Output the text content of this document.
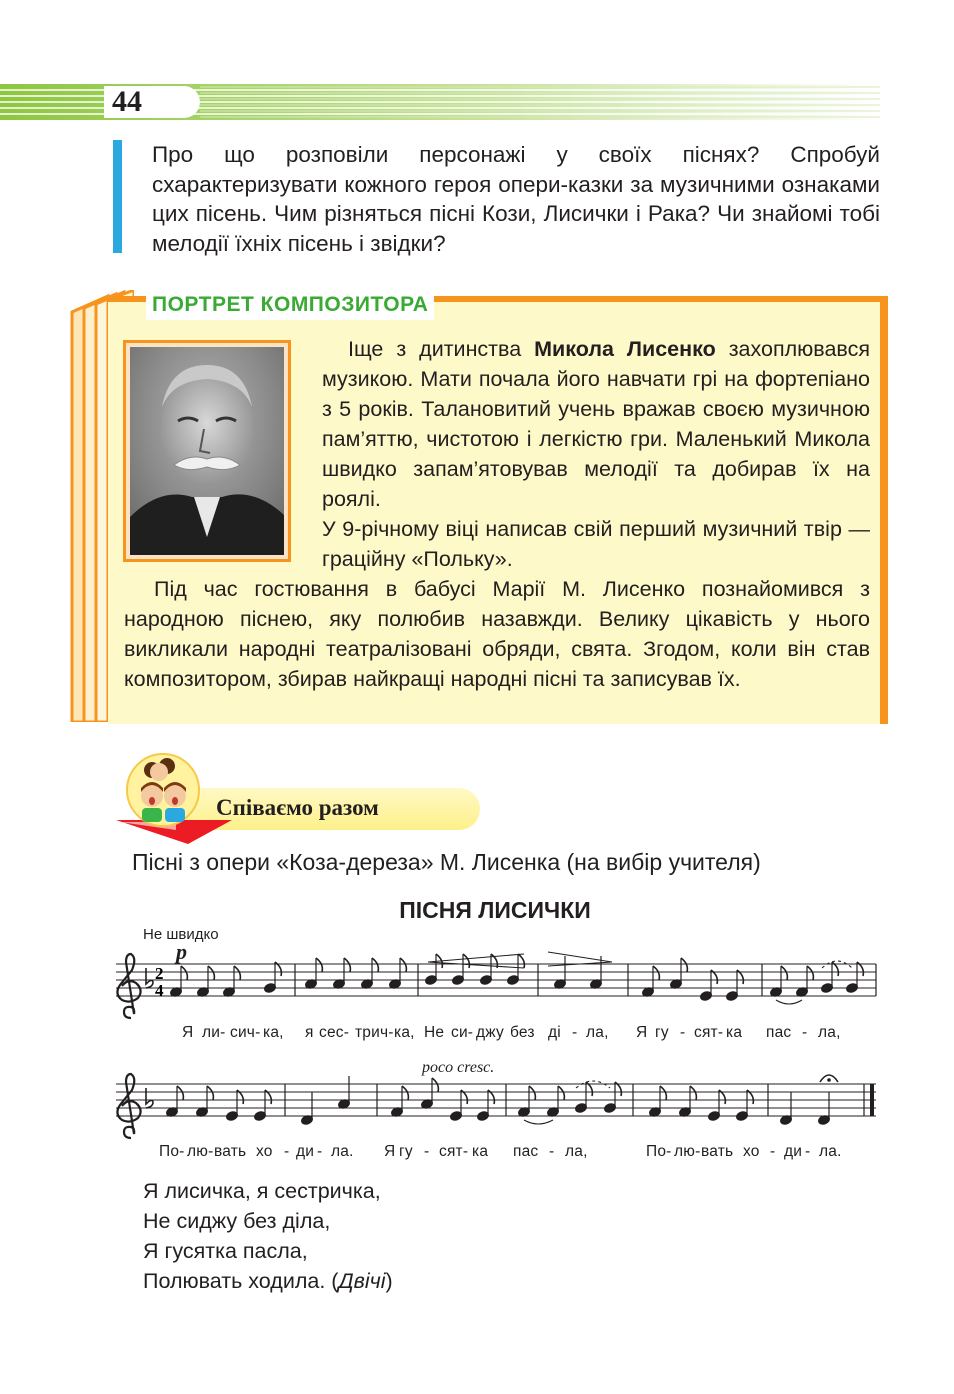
44
Про що розповіли персонажі у своїх піснях? Спробуй схарактеризувати кожного героя опери-казки за музичними ознаками цих пісень. Чим різняться пісні Кози, Лисички і Рака? Чи знайомі тобі мелодії їхніх пісень і звідки?
ПОРТРЕТ КОМПОЗИТОРА

Іще з дитинства Микола Лисенко захоплювався музикою. Мати почала його навчати грі на фортепіано з 5 років. Талановитий учень вражав своєю музичною пам’яттю, чистотою і легкістю гри. Маленький Микола швидко запам’ятовував мелодії та добирав їх на роялі.

У 9-річному віці написав свій перший музичний твір — граційну «Польку».
Під час гостювання в бабусі Марії М. Лисенко познайомився з народною піснею, яку полюбив назавжди. Велику цікавість у нього викликали народні театралізовані обряди, свята. Згодом, коли він став композитором, збирав найкращі народні пісні та записував їх.
Співаємо разом
Пісні з опери «Коза-дереза» М. Лисенка (на вибір учителя)
ПІСНЯ ЛИСИЧКИ
Не швидко
p
poco cresc.
2
4
Я ли- сич- ка, я сес- трич- ка, Не си- джу без ді - ла, Я гу - сят- ка пас - ла,
По- лю- вать хо - ди - ла. Я гу - сят- ка пас - ла,	По- лю- вать хо - ди - ла.
Я лисичка, я сестричка,
Не сиджу без діла,
Я гусятка пасла,
Полювать ходила. (Двічі)
